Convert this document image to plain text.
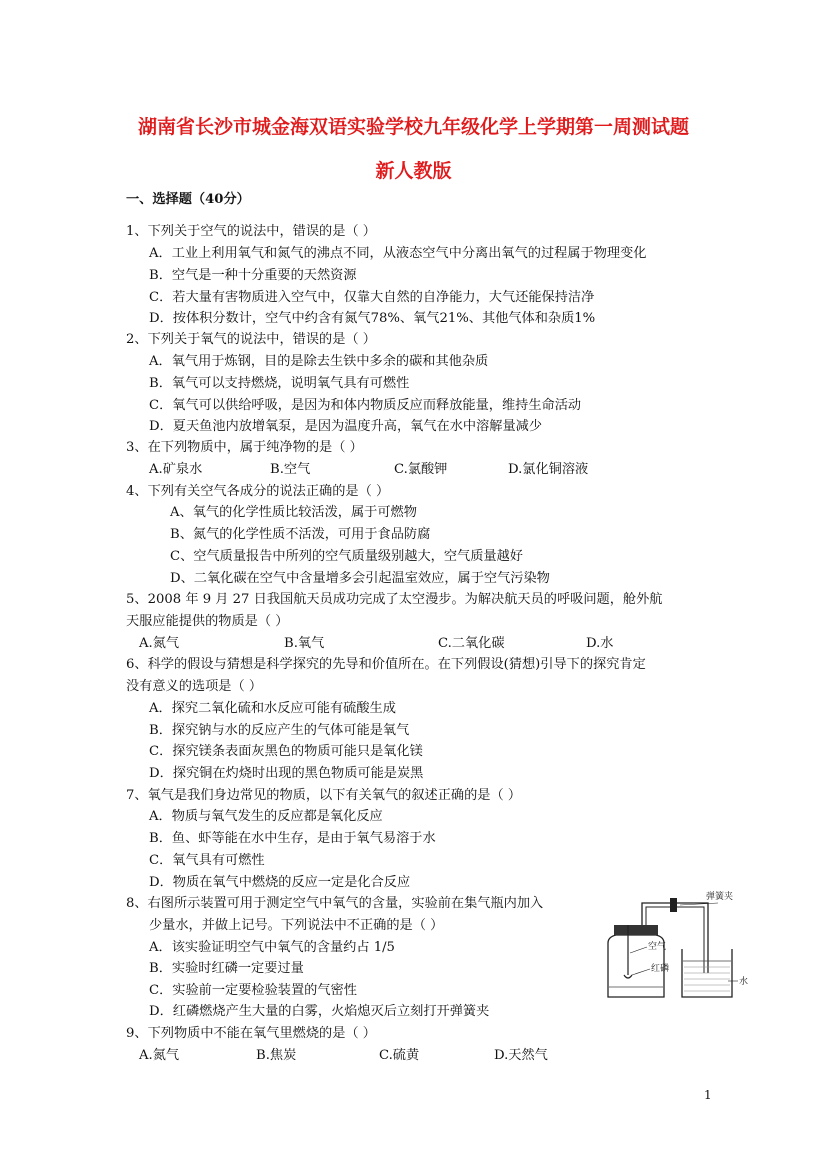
湖南省长沙市城金海双语实验学校九年级化学上学期第一周测试题
新人教版
一、选择题（40分）
1、下列关于空气的说法中，错误的是（ ）
A．工业上利用氧气和氮气的沸点不同，从液态空气中分离出氧气的过程属于物理变化
B．空气是一种十分重要的天然资源
C．若大量有害物质进入空气中，仅靠大自然的自净能力，大气还能保持洁净
D．按体积分数计，空气中约含有氮气78%、氧气21%、其他气体和杂质1%
2、下列关于氧气的说法中，错误的是（ ）
A．氧气用于炼钢，目的是除去生铁中多余的碳和其他杂质
B．氧气可以支持燃烧，说明氧气具有可燃性
C．氧气可以供给呼吸，是因为和体内物质反应而释放能量，维持生命活动
D．夏天鱼池内放增氧泵，是因为温度升高，氧气在水中溶解量减少
3、在下列物质中，属于纯净物的是（ ）
A.矿泉水	B.空气	C.氯酸钾	D.氯化铜溶液
4、下列有关空气各成分的说法正确的是（ ）
A、氧气的化学性质比较活泼，属于可燃物
B、氮气的化学性质不活泼，可用于食品防腐
C、空气质量报告中所列的空气质量级别越大，空气质量越好
D、二氧化碳在空气中含量增多会引起温室效应，属于空气污染物
5、2008 年 9 月 27 日我国航天员成功完成了太空漫步。为解决航天员的呼吸问题，舱外航
天服应能提供的物质是（ ）
A.氮气	B.氧气	C.二氧化碳	D.水
6、科学的假设与猜想是科学探究的先导和价值所在。在下列假设(猜想)引导下的探究肯定
没有意义的选项是（ ）
A．探究二氧化硫和水反应可能有硫酸生成
B．探究钠与水的反应产生的气体可能是氧气
C．探究镁条表面灰黑色的物质可能只是氧化镁
D．探究铜在灼烧时出现的黑色物质可能是炭黑
7、氧气是我们身边常见的物质，以下有关氧气的叙述正确的是（ ）
A．物质与氧气发生的反应都是氧化反应
B．鱼、虾等能在水中生存，是由于氧气易溶于水
C．氧气具有可燃性
D．物质在氧气中燃烧的反应一定是化合反应
8、右图所示装置可用于测定空气中氧气的含量，实验前在集气瓶内加入
少量水，并做上记号。下列说法中不正确的是（ ）
A．该实验证明空气中氧气的含量约占 1/5
B．实验时红磷一定要过量
C．实验前一定要检验装置的气密性
D．红磷燃烧产生大量的白雾，火焰熄灭后立刻打开弹簧夹
弹簧夹
空气
红磷
水
9、下列物质中不能在氧气里燃烧的是（ ）
A.氮气	B.焦炭	C.硫黄	D.天然气
1
